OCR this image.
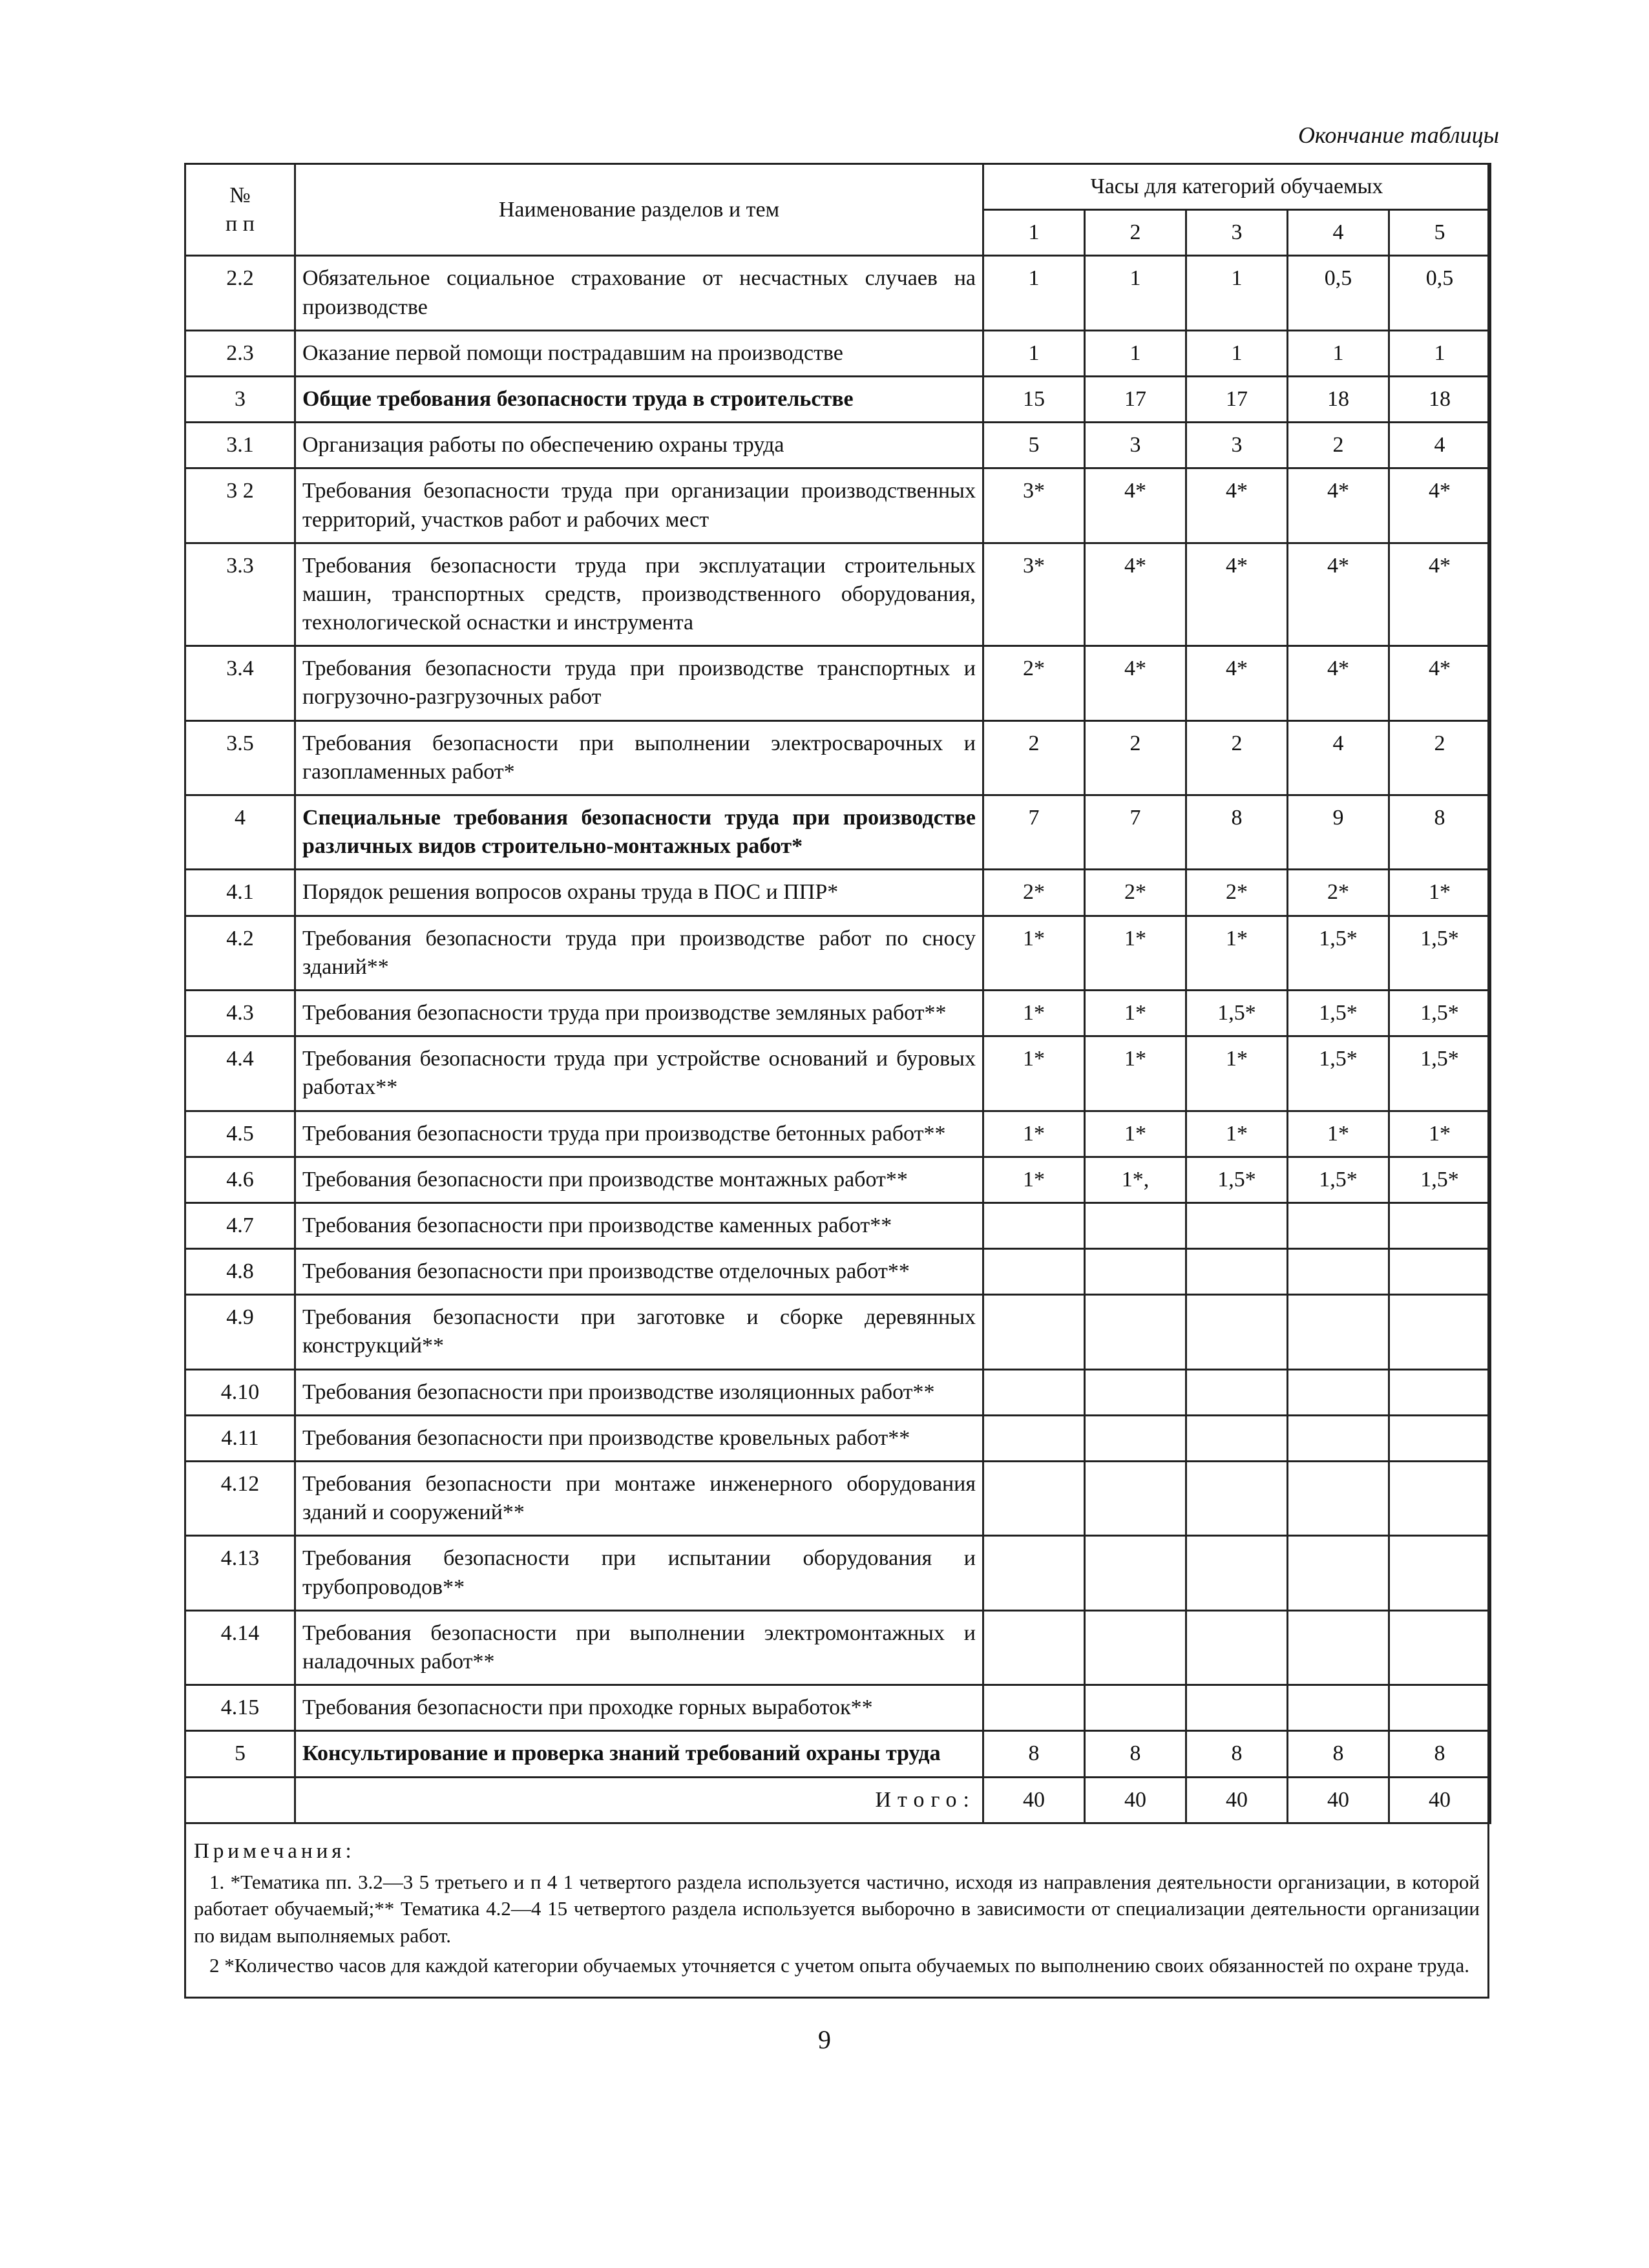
Окончание таблицы
№
п п	Наименование разделов и тем	Часы для категорий обучаемых				
		1	2	3	4	5
2.2	Обязательное социальное страхование от несчастных случаев на производстве	1	1	1	0,5	0,5
2.3	Оказание первой помощи пострадавшим на производстве	1	1	1	1	1
3	Общие требования безопасности труда в строительстве	15	17	17	18	18
3.1	Организация работы по обеспечению охраны труда	5	3	3	2	4
3 2	Требования безопасности труда при организации производственных территорий, участков работ и рабочих мест	3*	4*	4*	4*	4*
3.3	Требования безопасности труда при эксплуатации строительных машин, транспортных средств, производственного оборудования, технологической оснастки и инструмента	3*	4*	4*	4*	4*
3.4	Требования безопасности труда при производстве транспортных и погрузочно-разгрузочных работ	2*	4*	4*	4*	4*
3.5	Требования безопасности при выполнении электросварочных и газопламенных работ*	2	2	2	4	2
4	Специальные требования безопасности труда при производстве различных видов строительно-монтажных работ*	7	7	8	9	8
4.1	Порядок решения вопросов охраны труда в ПОС и ППР*	2*	2*	2*	2*	1*
4.2	Требования безопасности труда при производстве работ по сносу зданий**	1*	1*	1*	1,5*	1,5*
4.3	Требования безопасности труда при производстве земляных работ**	1*	1*	1,5*	1,5*	1,5*
4.4	Требования безопасности труда при устройстве оснований и буровых работах**	1*	1*	1*	1,5*	1,5*
4.5	Требования безопасности труда при производстве бетонных работ**	1*	1*	1*	1*	1*
4.6	Требования безопасности при производстве монтажных работ**	1*	1*,	1,5*	1,5*	1,5*
4.7	Требования безопасности при производстве каменных работ**					
4.8	Требования безопасности при производстве отделочных работ**					
4.9	Требования безопасности при заготовке и сборке деревянных конструкций**					
4.10	Требования безопасности при производстве изоляционных работ**					
4.11	Требования безопасности при производстве кровельных работ**					
4.12	Требования безопасности при монтаже инженерного оборудования зданий и сооружений**					
4.13	Требования безопасности при испытании оборудования и трубопроводов**					
4.14	Требования безопасности при выполнении электромонтажных и наладочных работ**					
4.15	Требования безопасности при проходке горных выработок**					
5	Консультирование и проверка знаний требований охраны труда	8	8	8	8	8
	Итого:	40	40	40	40	40
Примечания:

1. *Тематика пп. 3.2—3 5 третьего и п 4 1 четвертого раздела используется частично, исходя из направления деятельности организации, в которой работает обучаемый;** Тематика 4.2—4 15 четвертого раздела используется выборочно в зависимости от специализации деятельности организации по видам выполняемых работ.

2 *Количество часов для каждой категории обучаемых уточняется с учетом опыта обучаемых по выполнению своих обязанностей по охране труда.

9
